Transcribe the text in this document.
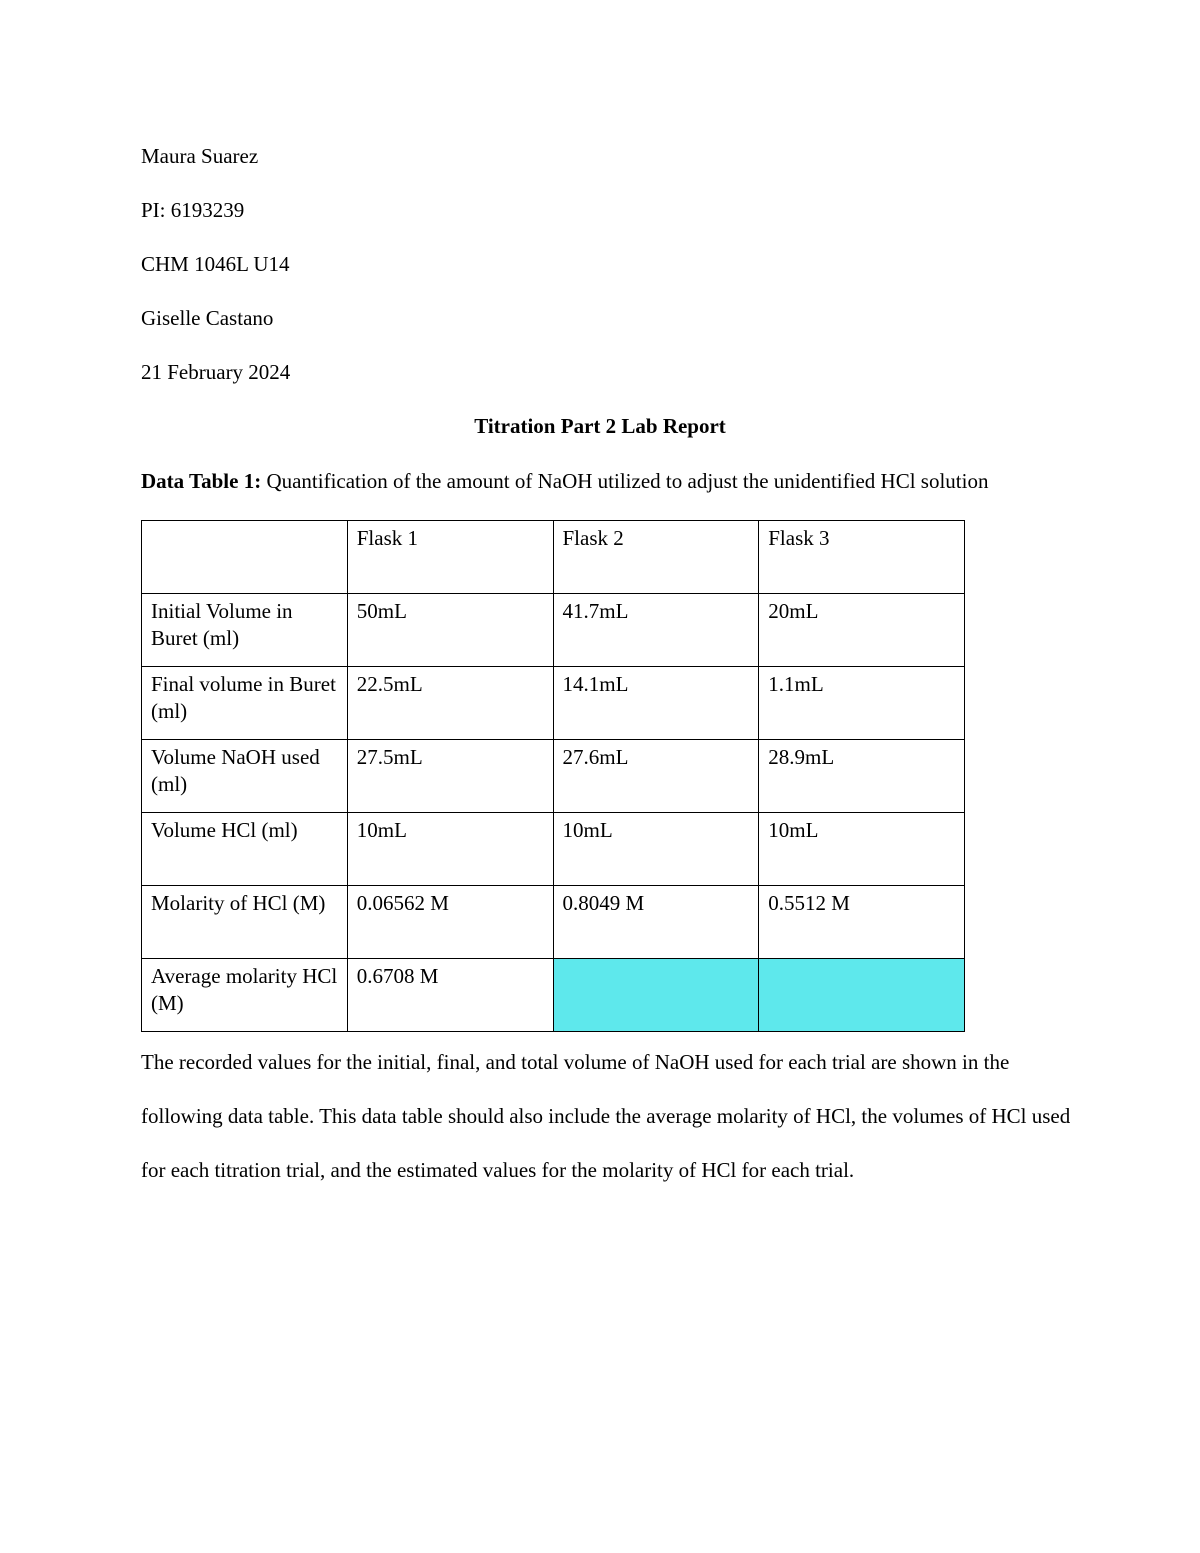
Maura Suarez

PI: 6193239

CHM 1046L U14

Giselle Castano

21 February 2024

Titration Part 2 Lab Report
Data Table 1: Quantification of the amount of NaOH utilized to adjust the unidentified HCl solution
	Flask 1	Flask 2	Flask 3
Initial Volume in Buret (ml)	50mL	41.7mL	20mL
Final volume in Buret (ml)	22.5mL	14.1mL	1.1mL
Volume NaOH used (ml)	27.5mL	27.6mL	28.9mL
Volume HCl (ml)	10mL	10mL	10mL
Molarity of HCl (M)	0.06562 M	0.8049 M	0.5512 M
Average molarity HCl (M)	0.6708 M		

The recorded values for the initial, final, and total volume of NaOH used for each trial are shown in the following data table. This data table should also include the average molarity of HCl, the volumes of HCl used for each titration trial, and the estimated values for the molarity of HCl for each trial.
